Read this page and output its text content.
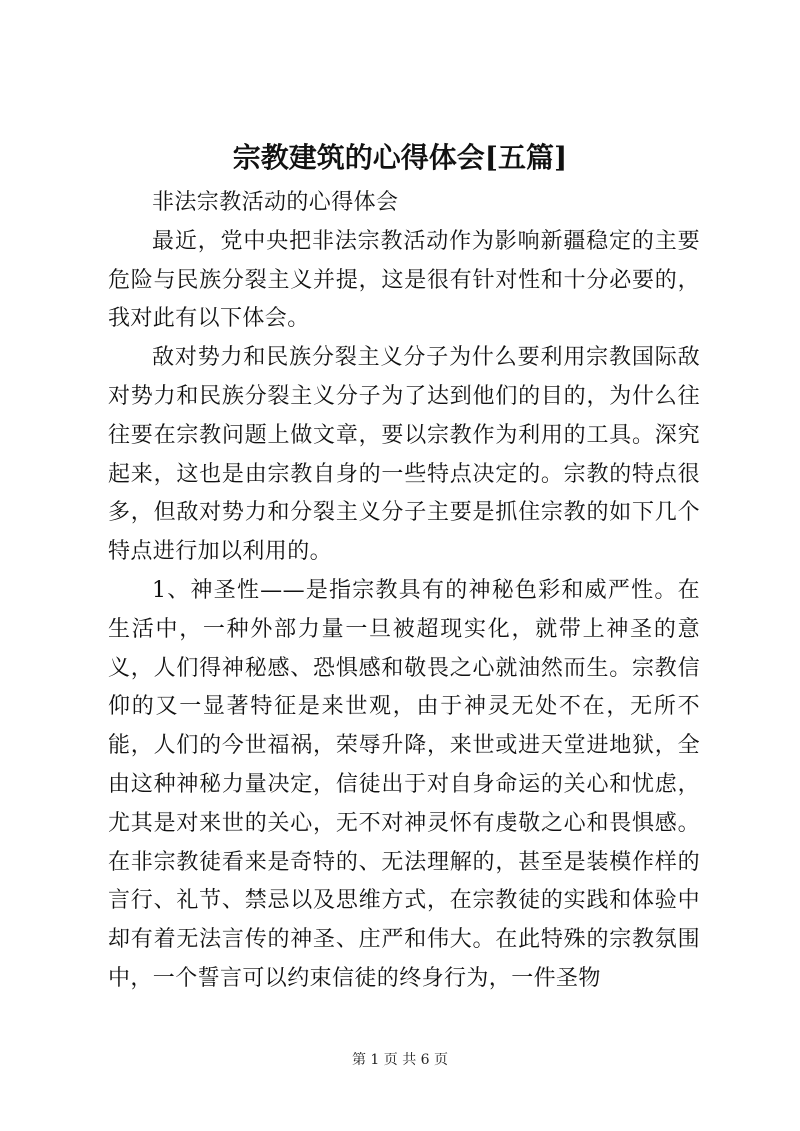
宗教建筑的心得体会[五篇]

非法宗教活动的心得体会

最近，党中央把非法宗教活动作为影响新疆稳定的主要危险与民族分裂主义并提，这是很有针对性和十分必要的，我对此有以下体会。

敌对势力和民族分裂主义分子为什么要利用宗教国际敌对势力和民族分裂主义分子为了达到他们的目的，为什么往往要在宗教问题上做文章，要以宗教作为利用的工具。深究起来，这也是由宗教自身的一些特点决定的。宗教的特点很多，但敌对势力和分裂主义分子主要是抓住宗教的如下几个特点进行加以利用的。

1、神圣性——是指宗教具有的神秘色彩和威严性。在生活中，一种外部力量一旦被超现实化，就带上神圣的意义，人们得神秘感、恐惧感和敬畏之心就油然而生。宗教信仰的又一显著特征是来世观，由于神灵无处不在，无所不能，人们的今世福祸，荣辱升降，来世或进天堂进地狱，全由这种神秘力量决定，信徒出于对自身命运的关心和忧虑，尤其是对来世的关心，无不对神灵怀有虔敬之心和畏惧感。在非宗教徒看来是奇特的、无法理解的，甚至是装模作样的言行、礼节、禁忌以及思维方式，在宗教徒的实践和体验中却有着无法言传的神圣、庄严和伟大。在此特殊的宗教氛围中，一个誓言可以约束信徒的终身行为，一件圣物

第 1 页 共 6 页
